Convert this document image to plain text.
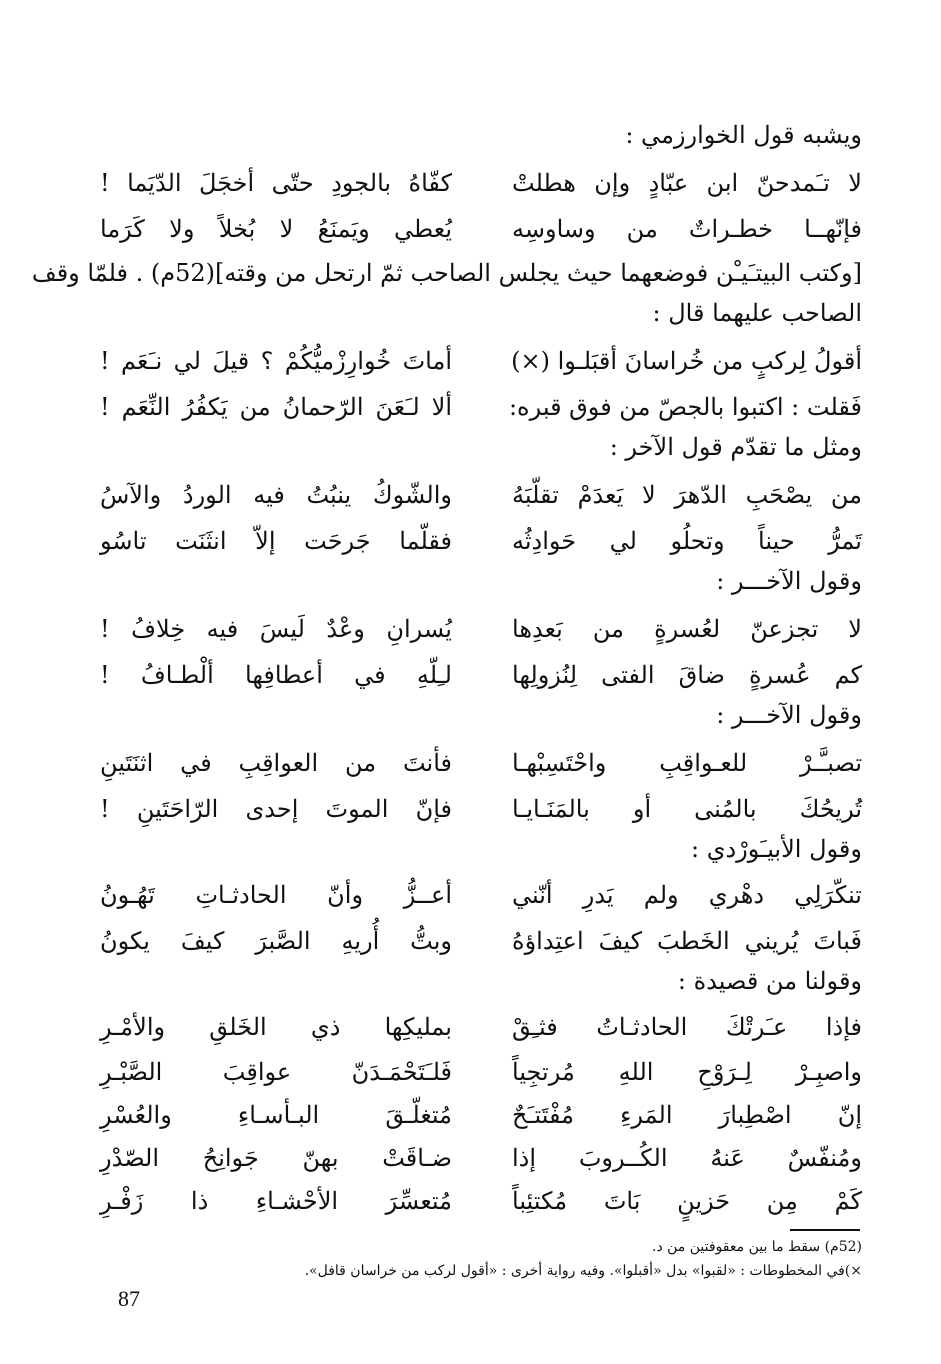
ويشبه قول الخوارزمي :
لا تـَمدحنّ ابن عبّادٍ وإن هطلتْ
كفّاهُ بالجودِ حتّى أخجَلَ الدّيَما !
فإنّهــا خطـراتٌ من وساوسِه
يُعطي ويَمنَعُ لا بُخلاً ولا كَرَما
[وكتب البيتـَيـْن فوضعهما حيث يجلس الصاحب ثمّ ارتحل من وقته](52م) . فلمّا وقف
الصاحب عليهما قال :
أقولُ لِركبٍ من خُراسانَ أقبَلـوا (×)
أماتَ خُوارِزْميُّكُمْ ؟ قيلَ لي نـَعَم !
فَقلت : اكتبوا بالجصّ من فوق قبره:
ألا لـَعَنَ الرّحمانُ من يَكفُرُ النِّعَم !
ومثل ما تقدّم قول الآخر :
من يصْحَبِ الدّهرَ لا يَعدَمْ تقلّبَهُ
والشّوكُ ينبُتُ فيه الوردُ والآسُ
تَمرُّ حيناً وتحلُو لي حَوادِثُه
فقلّما جَرحَت إلاّ انثَنَت تاسُو
وقول الآخـــر :
لا تجزعنّ لعُسرةٍ من بَعدِها
يُسرانِ وعْدٌ لَيسَ فيه خِلافُ !
كم عُسرةٍ ضاقَ الفتى لِنُزولِها
لـِلّهِ في أعطافِها ألْطـافُ !
وقول الآخـــر :
تصبـَّـرْ للعـواقِبِ واحْتَسِبْهـا
فأنتَ من العواقِبِ في اثنَتَينِ
تُريحُكَ بالمُنى أو بالمَنَـايـا
فإنّ الموتَ إحدى الرّاحَتَينِ !
وقول الأبيـَورْدي :
تنكّرَلِي دهْري ولم يَدرِ أنّني
أعــزُّ وأنّ الحادثـاتِ تَهُـونُ
فَباتَ يُريني الخَطبَ كيفَ اعتِداؤهُ
وبتُّ أُريهِ الصَّبرَ كيفَ يكونُ
وقولنا من قصيدة :
فإذا عـَرتْكَ الحادثـاتُ فثـِقْ
بمليكِها ذي الخَلقِ والأمْـرِ
واصبِـرْ لِـرَوْحِ اللهِ مُرتجِياً
فَلـَتَحْمَـدَنّ عواقِبَ الصَّبْـرِ
إنّ اصْطِبارَ المَرءِ مُفْتَتـَحٌ
مُتغلّـقَ البـأسـاءِ والعُسْرِ
ومُنفّسٌ عَنهُ الكُــروبَ إذا
ضـاقَتْ بهنّ جَوانِحُ الصّدْرِ
كَمْ مِن حَزينٍ بَاتَ مُكتئِباً
مُتعسِّرَ الأحْشـاءِ ذا زَفْـرِ
(52م) سقط ما بين معقوفتين من د.
×)في المخطوطات : «لقبوا» بدل «أقبلوا». وفيه رواية أخرى : «أقول لركب من خراسان قافل».
87
